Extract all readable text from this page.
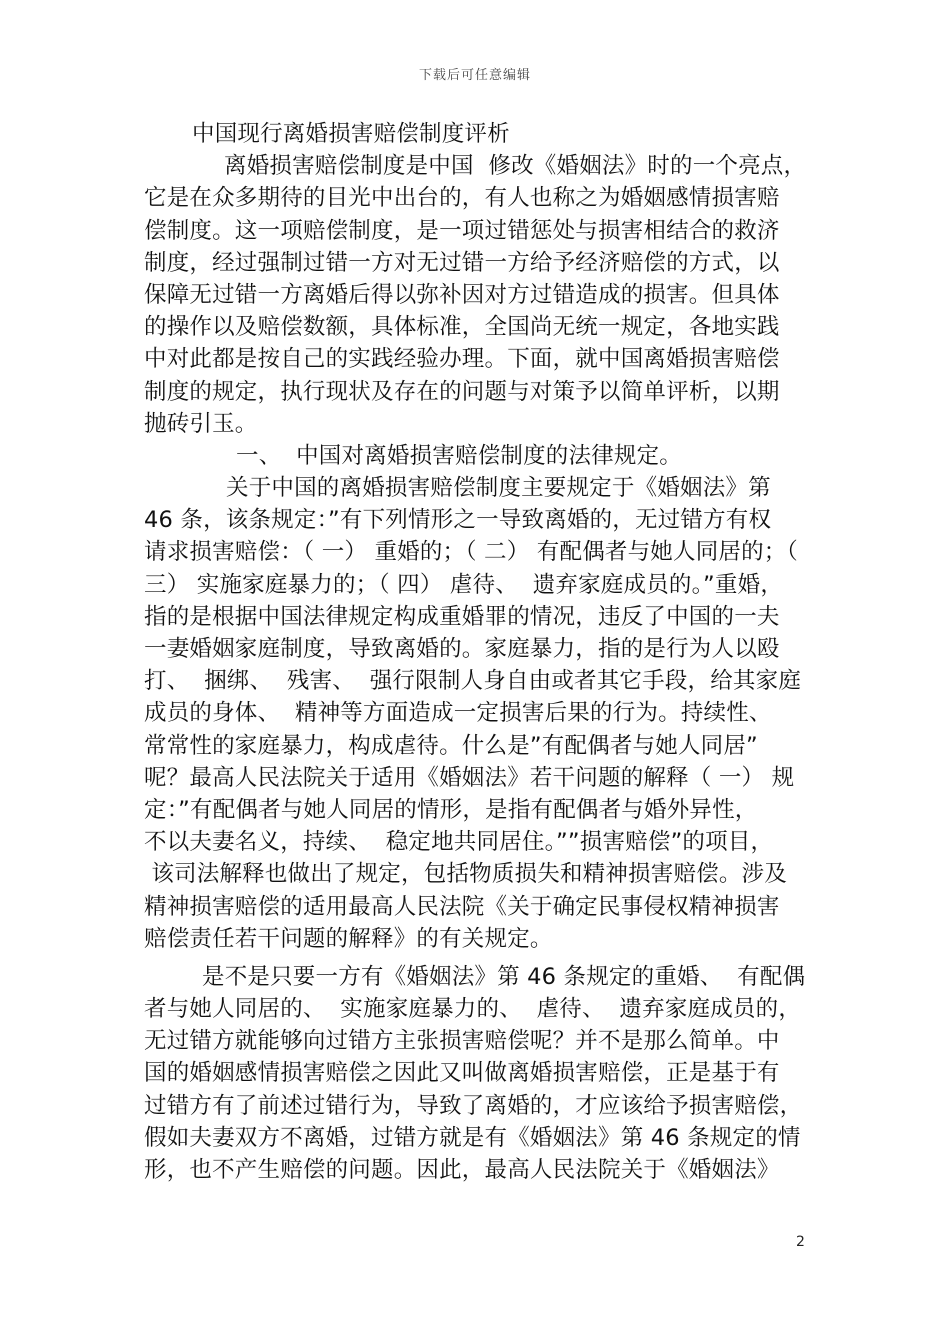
下载后可任意编辑
中国现行离婚损害赔偿制度评析
离婚损害赔偿制度是中国  修改《婚姻法》时的一个亮点，
它是在众多期待的目光中出台的，有人也称之为婚姻感情损害赔
偿制度。这一项赔偿制度，是一项过错惩处与损害相结合的救济
制度，经过强制过错一方对无过错一方给予经济赔偿的方式，以
保障无过错一方离婚后得以弥补因对方过错造成的损害。但具体
的操作以及赔偿数额，具体标准，全国尚无统一规定，各地实践
中对此都是按自己的实践经验办理。下面，就中国离婚损害赔偿
制度的规定，执行现状及存在的问题与对策予以简单评析，以期
抛砖引玉。
一、  中国对离婚损害赔偿制度的法律规定。
关于中国的离婚损害赔偿制度主要规定于《婚姻法》第
46 条，该条规定：”有下列情形之一导致离婚的，无过错方有权
请求损害赔偿：（ 一） 重婚的；（ 二） 有配偶者与她人同居的；（
三） 实施家庭暴力的；（ 四） 虐待、  遗弃家庭成员的。”重婚，
指的是根据中国法律规定构成重婚罪的情况，违反了中国的一夫
一妻婚姻家庭制度，导致离婚的。家庭暴力，指的是行为人以殴
打、  捆绑、  残害、  强行限制人身自由或者其它手段，给其家庭
成员的身体、  精神等方面造成一定损害后果的行为。持续性、
常常性的家庭暴力，构成虐待。什么是”有配偶者与她人同居”
呢？最高人民法院关于适用《婚姻法》若干问题的解释（ 一） 规
定：”有配偶者与她人同居的情形，是指有配偶者与婚外异性，
不以夫妻名义，持续、  稳定地共同居住。””损害赔偿”的项目，
该司法解释也做出了规定，包括物质损失和精神损害赔偿。涉及
精神损害赔偿的适用最高人民法院《关于确定民事侵权精神损害
赔偿责任若干问题的解释》的有关规定。
是不是只要一方有《婚姻法》第 46 条规定的重婚、  有配偶
者与她人同居的、  实施家庭暴力的、  虐待、  遗弃家庭成员的，
无过错方就能够向过错方主张损害赔偿呢？并不是那么简单。中
国的婚姻感情损害赔偿之因此又叫做离婚损害赔偿，正是基于有
过错方有了前述过错行为，导致了离婚的，才应该给予损害赔偿，
假如夫妻双方不离婚，过错方就是有《婚姻法》第 46 条规定的情
形，也不产生赔偿的问题。因此，最高人民法院关于《婚姻法》
2
